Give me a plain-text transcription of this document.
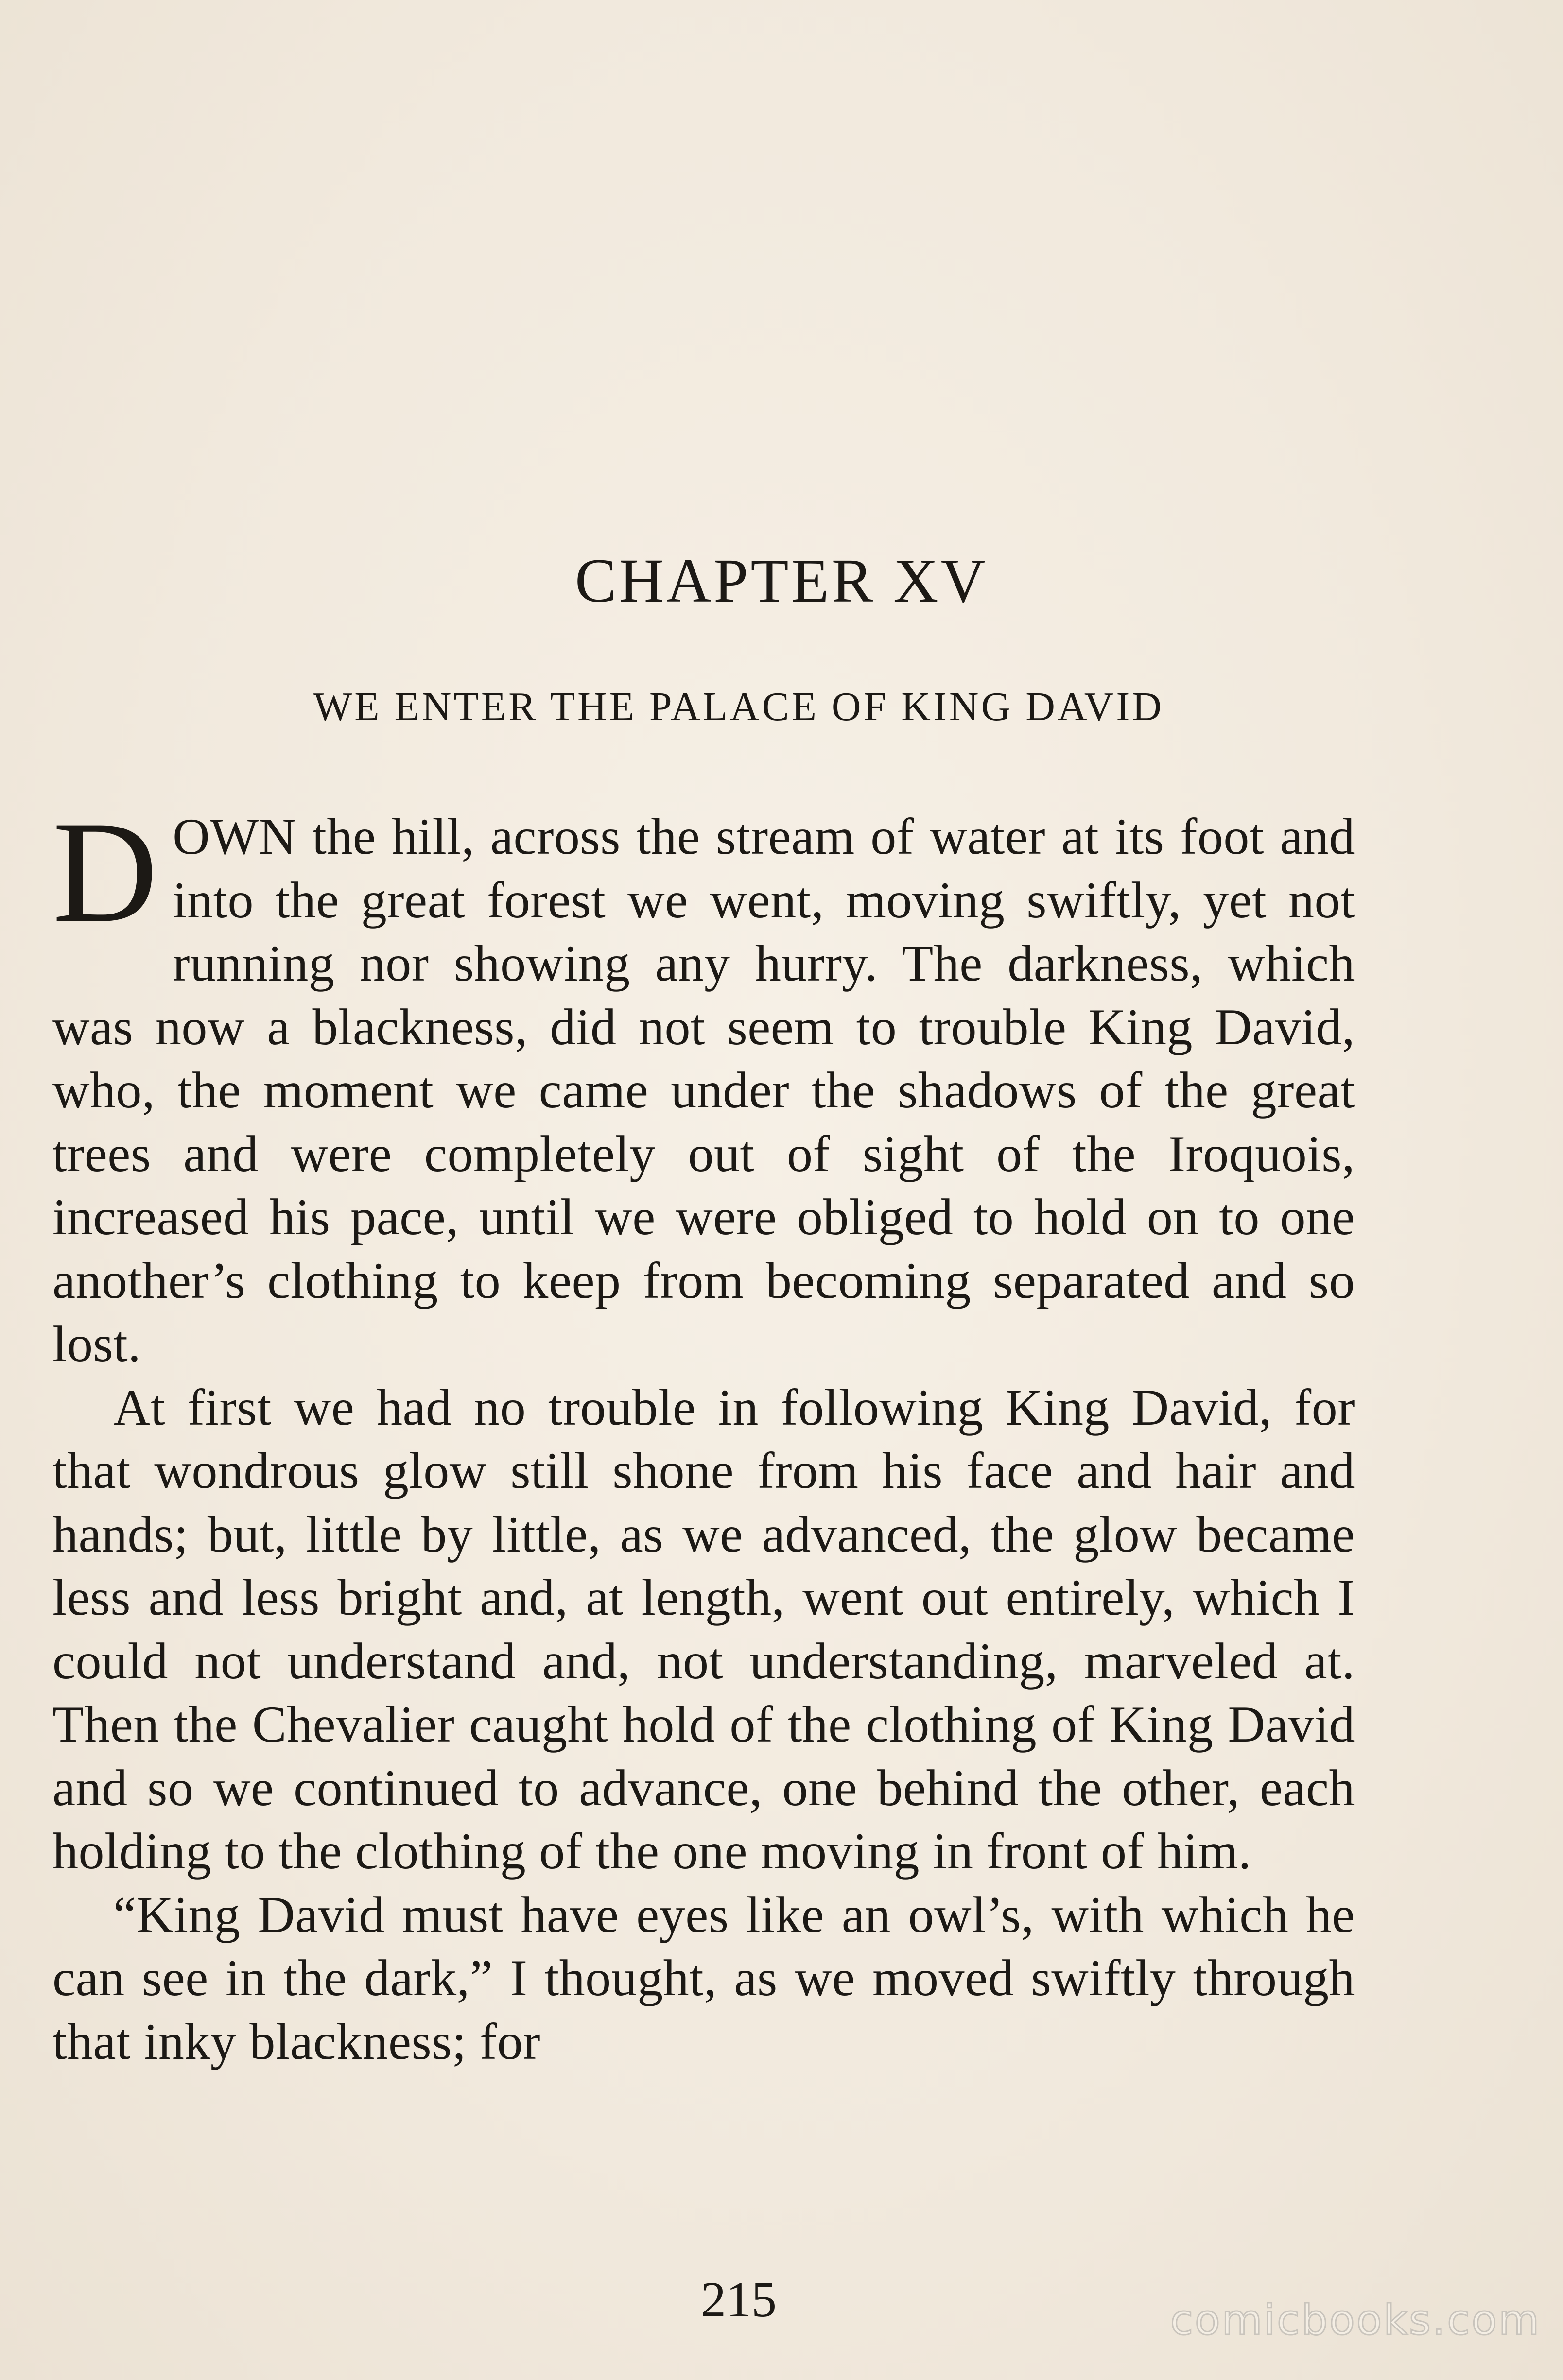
CHAPTER XV
WE ENTER THE PALACE OF KING DAVID

DOWN the hill, across the stream of water at its foot and into the great forest we went, moving swiftly, yet not running nor showing any hurry. The darkness, which was now a blackness, did not seem to trouble King David, who, the moment we came under the shadows of the great trees and were completely out of sight of the Iroquois, increased his pace, until we were obliged to hold on to one another’s clothing to keep from becoming separated and so lost.

At first we had no trouble in following King David, for that wondrous glow still shone from his face and hair and hands; but, little by little, as we advanced, the glow became less and less bright and, at length, went out entirely, which I could not understand and, not understanding, marveled at. Then the Chevalier caught hold of the clothing of King David and so we continued to advance, one behind the other, each holding to the clothing of the one moving in front of him.

“King David must have eyes like an owl’s, with which he can see in the dark,” I thought, as we moved swiftly through that inky blackness; for

215	comicbooks.com
